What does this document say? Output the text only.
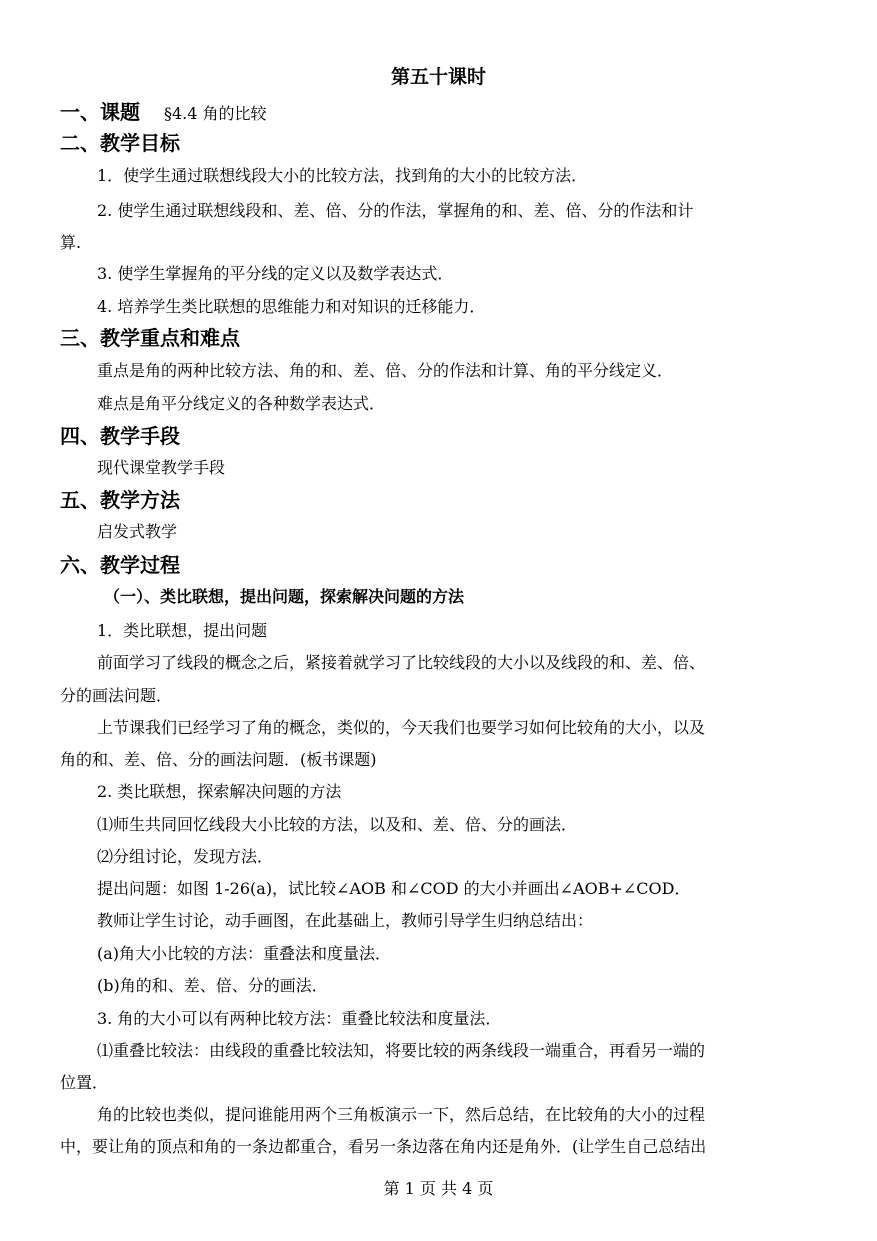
第五十课时
一、课题 §4.4 角的比较
二、教学目标
1．使学生通过联想线段大小的比较方法，找到角的大小的比较方法．
2. 使学生通过联想线段和、差、倍、分的作法，掌握角的和、差、倍、分的作法和计
算.
3. 使学生掌握角的平分线的定义以及数学表达式．
4. 培养学生类比联想的思维能力和对知识的迁移能力．
三、教学重点和难点
重点是角的两种比较方法、角的和、差、倍、分的作法和计算、角的平分线定义．
难点是角平分线定义的各种数学表达式．
四、教学手段
现代课堂教学手段
五、教学方法
启发式教学
六、教学过程
（一）、类比联想，提出问题，探索解决问题的方法
1．类比联想，提出问题
前面学习了线段的概念之后，紧接着就学习了比较线段的大小以及线段的和、差、倍、
分的画法问题．
上节课我们已经学习了角的概念，类似的，今天我们也要学习如何比较角的大小，以及
角的和、差、倍、分的画法问题．(板书课题)
2. 类比联想，探索解决问题的方法
⑴师生共同回忆线段大小比较的方法，以及和、差、倍、分的画法．
⑵分组讨论，发现方法．
提出问题：如图 1-26(a)，试比较∠AOB 和∠COD 的大小并画出∠AOB+∠COD．
教师让学生讨论，动手画图，在此基础上，教师引导学生归纳总结出：
(a)角大小比较的方法：重叠法和度量法．
(b)角的和、差、倍、分的画法．
3. 角的大小可以有两种比较方法：重叠比较法和度量法．
⑴重叠比较法：由线段的重叠比较法知，将要比较的两条线段一端重合，再看另一端的
位置．
角的比较也类似，提问谁能用两个三角板演示一下，然后总结，在比较角的大小的过程
中，要让角的顶点和角的一条边都重合，看另一条边落在角内还是角外．(让学生自己总结出
第 1 页 共 4 页
